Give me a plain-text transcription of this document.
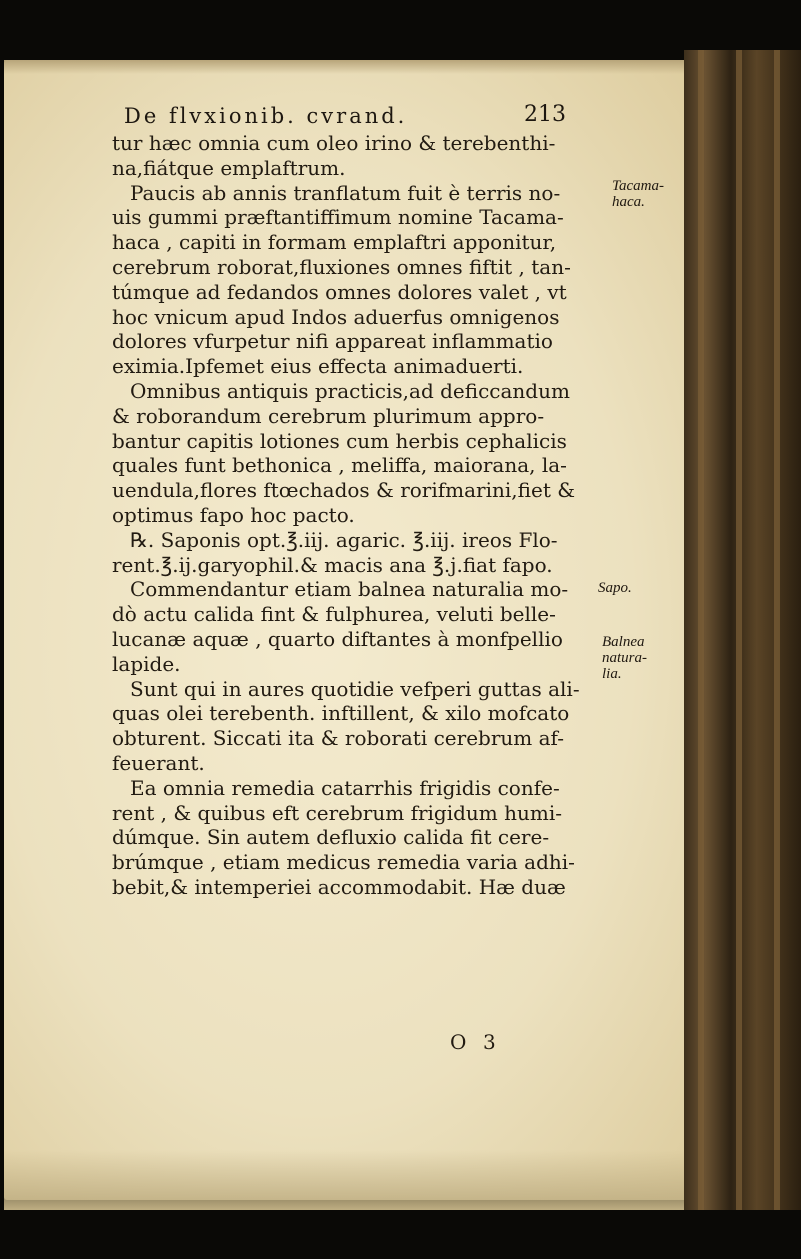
De flvxionib. cvrand.	213
tur hæc omnia cum oleo irino & terebenthi-
na,fiátque emplaftrum.
Paucis ab annis tranflatum fuit è terris no-
uis gummi præftantiffimum nomine Tacama-
haca , capiti in formam emplaftri apponitur,
cerebrum roborat,fluxiones omnes fiftit , tan-
túmque ad fedandos omnes dolores valet , vt
hoc vnicum apud Indos aduerfus omnigenos
dolores vfurpetur nifi appareat inflammatio
eximia.Ipfemet eius effecta animaduerti.
Omnibus antiquis practicis,ad deficcandum
& roborandum cerebrum plurimum appro-
bantur capitis lotiones cum herbis cephalicis
quales funt bethonica , meliffa, maiorana, la-
uendula,flores ftœchados & rorifmarini,fiet &
optimus fapo hoc pacto.
℞. Saponis opt.℥.iij. agaric. ℥.iij. ireos Flo-
rent.℥.ij.garyophil.& macis ana ℥.j.fiat fapo.
Commendantur etiam balnea naturalia mo-
dò actu calida fint & fulphurea, veluti belle-
lucanæ aquæ , quarto diftantes à monfpellio
lapide.
Sunt qui in aures quotidie vefperi guttas ali-
quas olei terebenth. inftillent, & xilo mofcato
obturent. Siccati ita & roborati cerebrum af-
feuerant.
Ea omnia remedia catarrhis frigidis confe-
rent , & quibus eft cerebrum frigidum humi-
dúmque. Sin autem defluxio calida fit cere-
brúmque , etiam medicus remedia varia adhi-
bebit,& intemperiei accommodabit. Hæ duæ
Tacama-
haca.
Sapo.
Balnea
natura-
lia.
O 3
